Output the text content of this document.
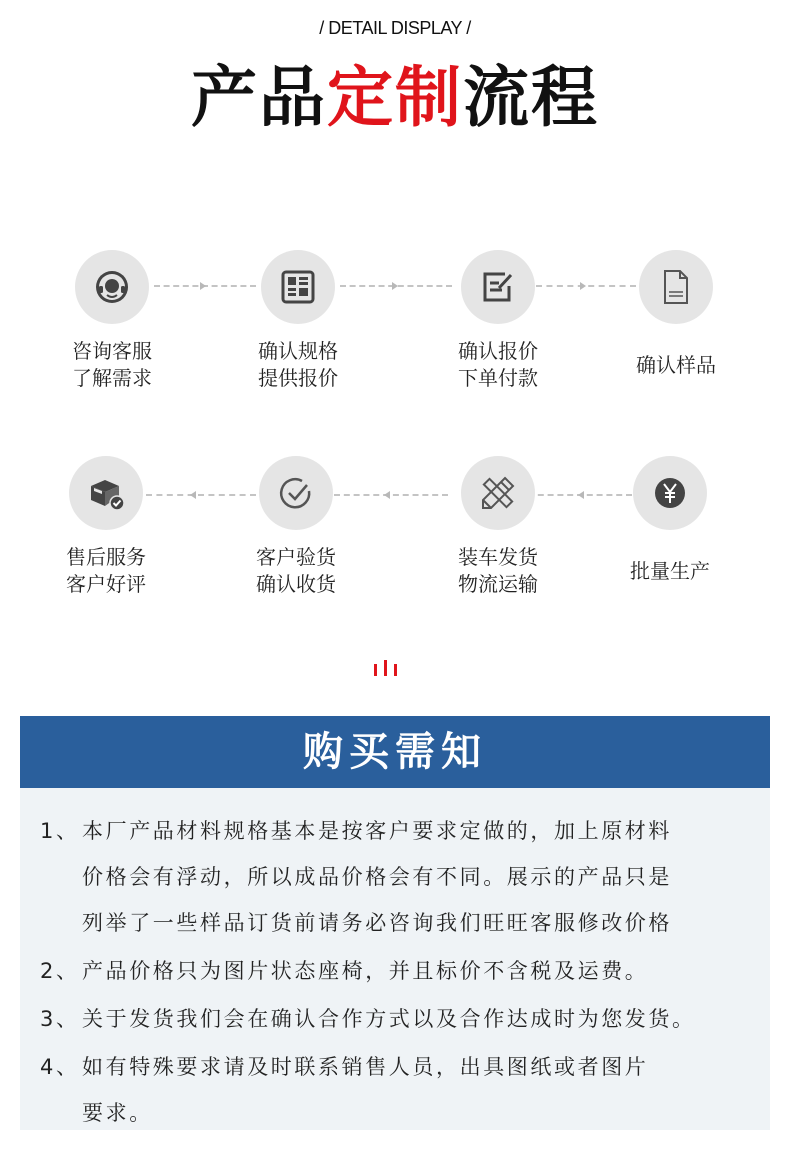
/ DETAIL DISPLAY /
产品定制流程
咨询客服
了解需求
确认规格
提供报价
确认报价
下单付款
确认样品
售后服务
客户好评
客户验货
确认收货
装车发货
物流运输
批量生产
购买需知
1、 本厂产品材料规格基本是按客户要求定做的，加上原材料
价格会有浮动，所以成品价格会有不同。展示的产品只是
列举了一些样品订货前请务必咨询我们旺旺客服修改价格
2、 产品价格只为图片状态座椅，并且标价不含税及运费。
3、 关于发货我们会在确认合作方式以及合作达成时为您发货。
4、 如有特殊要求请及时联系销售人员，出具图纸或者图片
要求。
